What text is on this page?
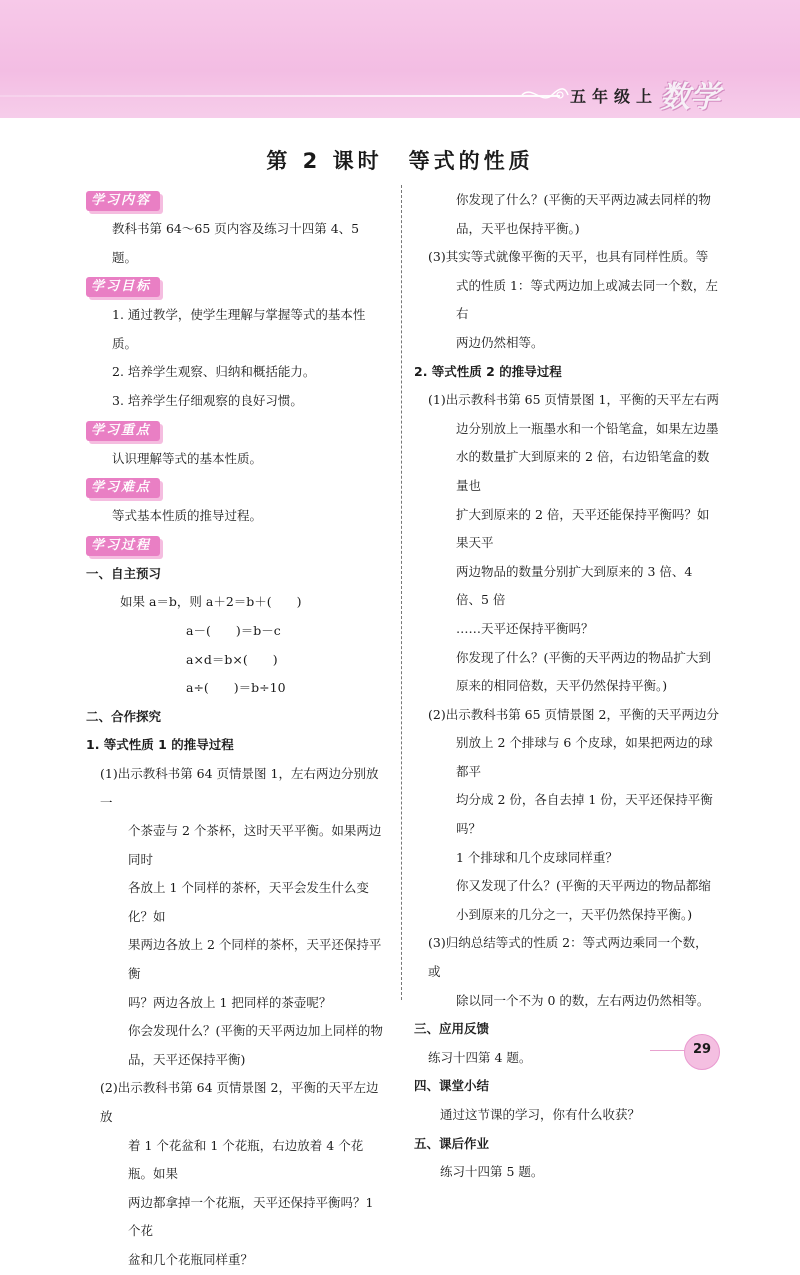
五年级上 数学
第 2 课时 等式的性质
学习内容

教科书第 64～65 页内容及练习十四第 4、5 题。

学习目标

1. 通过教学，使学生理解与掌握等式的基本性质。

2. 培养学生观察、归纳和概括能力。

3. 培养学生仔细观察的良好习惯。

学习重点

认识理解等式的基本性质。

学习难点

等式基本性质的推导过程。

学习过程

一、自主预习

如果 a＝b，则 a＋2＝b＋(　　)

a－(　　)＝b－c

a×d＝b×(　　)

a÷(　　)＝b÷10

二、合作探究

1. 等式性质 1 的推导过程

(1)出示教科书第 64 页情景图 1，左右两边分别放一

个茶壶与 2 个茶杯，这时天平平衡。如果两边同时

各放上 1 个同样的茶杯，天平会发生什么变化？如

果两边各放上 2 个同样的茶杯，天平还保持平衡

吗？两边各放上 1 把同样的茶壶呢？

你会发现什么？(平衡的天平两边加上同样的物

品，天平还保持平衡)

(2)出示教科书第 64 页情景图 2，平衡的天平左边放

着 1 个花盆和 1 个花瓶，右边放着 4 个花瓶。如果

两边都拿掉一个花瓶，天平还保持平衡吗？1 个花

盆和几个花瓶同样重？

你发现了什么？(平衡的天平两边减去同样的物

品，天平也保持平衡。)

(3)其实等式就像平衡的天平，也具有同样性质。等

式的性质 1：等式两边加上或减去同一个数，左右

两边仍然相等。

2. 等式性质 2 的推导过程

(1)出示教科书第 65 页情景图 1，平衡的天平左右两

边分别放上一瓶墨水和一个铅笔盒，如果左边墨

水的数量扩大到原来的 2 倍，右边铅笔盒的数量也

扩大到原来的 2 倍，天平还能保持平衡吗？如果天平

两边物品的数量分别扩大到原来的 3 倍、4 倍、5 倍

……天平还保持平衡吗？

你发现了什么？(平衡的天平两边的物品扩大到

原来的相同倍数，天平仍然保持平衡。)

(2)出示教科书第 65 页情景图 2，平衡的天平两边分

别放上 2 个排球与 6 个皮球，如果把两边的球都平

均分成 2 份，各自去掉 1 份，天平还保持平衡吗？

1 个排球和几个皮球同样重？

你又发现了什么？(平衡的天平两边的物品都缩

小到原来的几分之一，天平仍然保持平衡。)

(3)归纳总结等式的性质 2：等式两边乘同一个数，或

除以同一个不为 0 的数，左右两边仍然相等。

三、应用反馈

练习十四第 4 题。

四、课堂小结

通过这节课的学习，你有什么收获？

五、课后作业

练习十四第 5 题。

29
